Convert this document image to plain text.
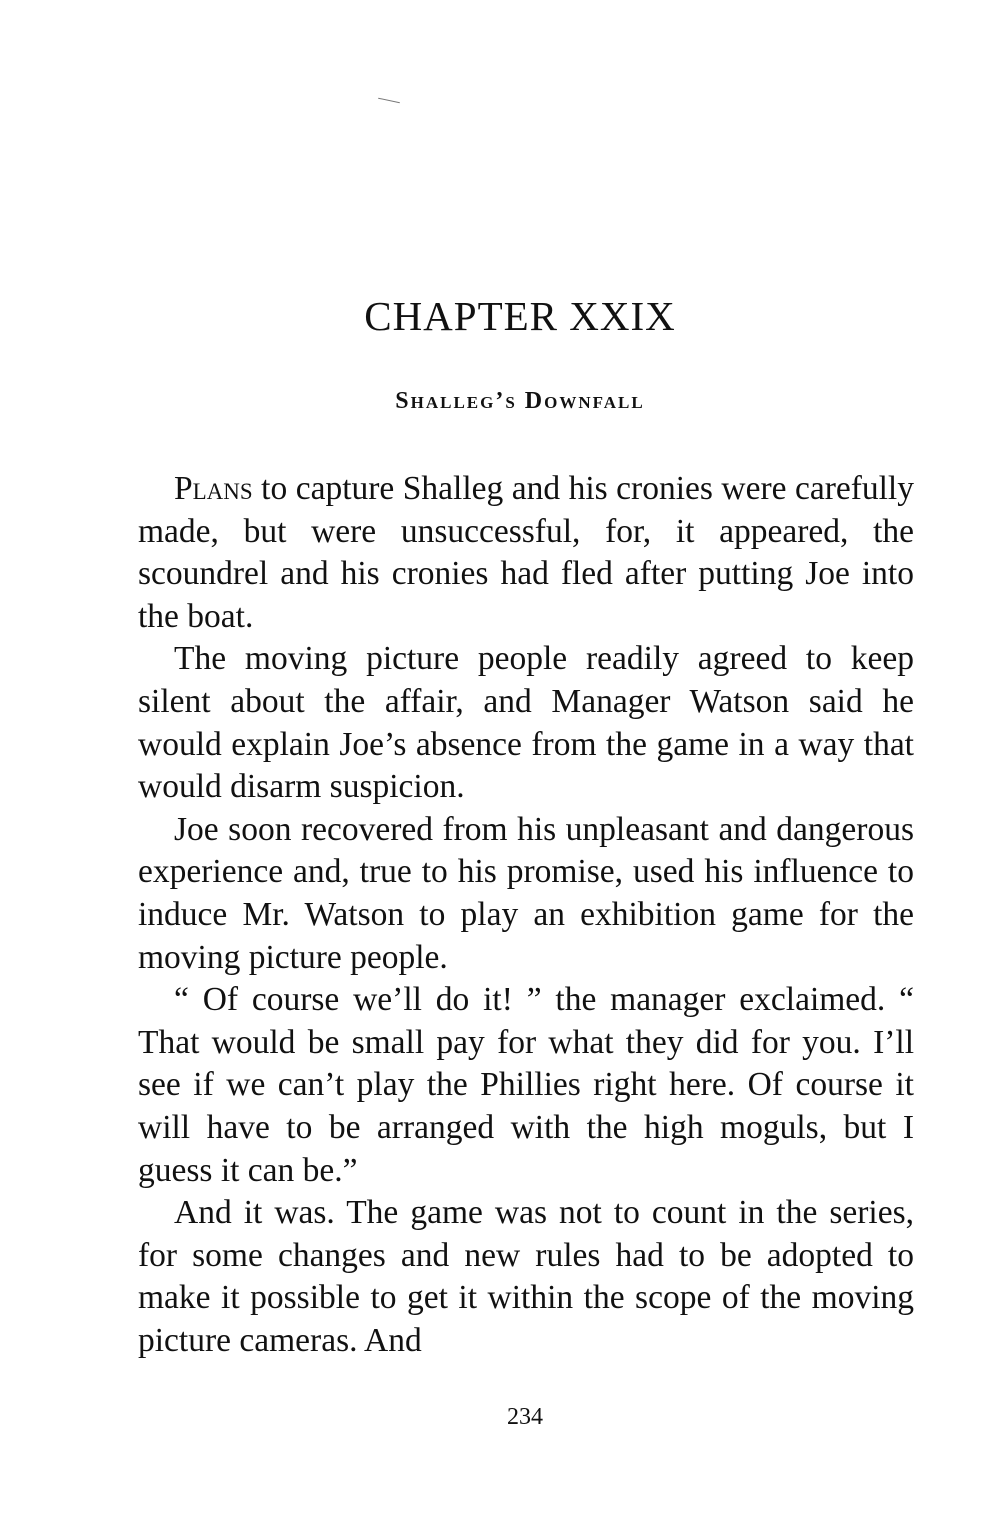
CHAPTER XXIX
Shalleg’s Downfall

Plans to capture Shalleg and his cronies were carefully made, but were unsuccessful, for, it appeared, the scoundrel and his cronies had fled after putting Joe into the boat.

The moving picture people readily agreed to keep silent about the affair, and Manager Watson said he would explain Joe’s absence from the game in a way that would disarm suspicion.

Joe soon recovered from his unpleasant and dangerous experience and, true to his promise, used his influence to induce Mr. Watson to play an exhibition game for the moving picture people.

“ Of course we’ll do it! ” the manager exclaimed. “ That would be small pay for what they did for you. I’ll see if we can’t play the Phillies right here. Of course it will have to be arranged with the high moguls, but I guess it can be.”

And it was. The game was not to count in the series, for some changes and new rules had to be adopted to make it possible to get it within the scope of the moving picture cameras. And

234
